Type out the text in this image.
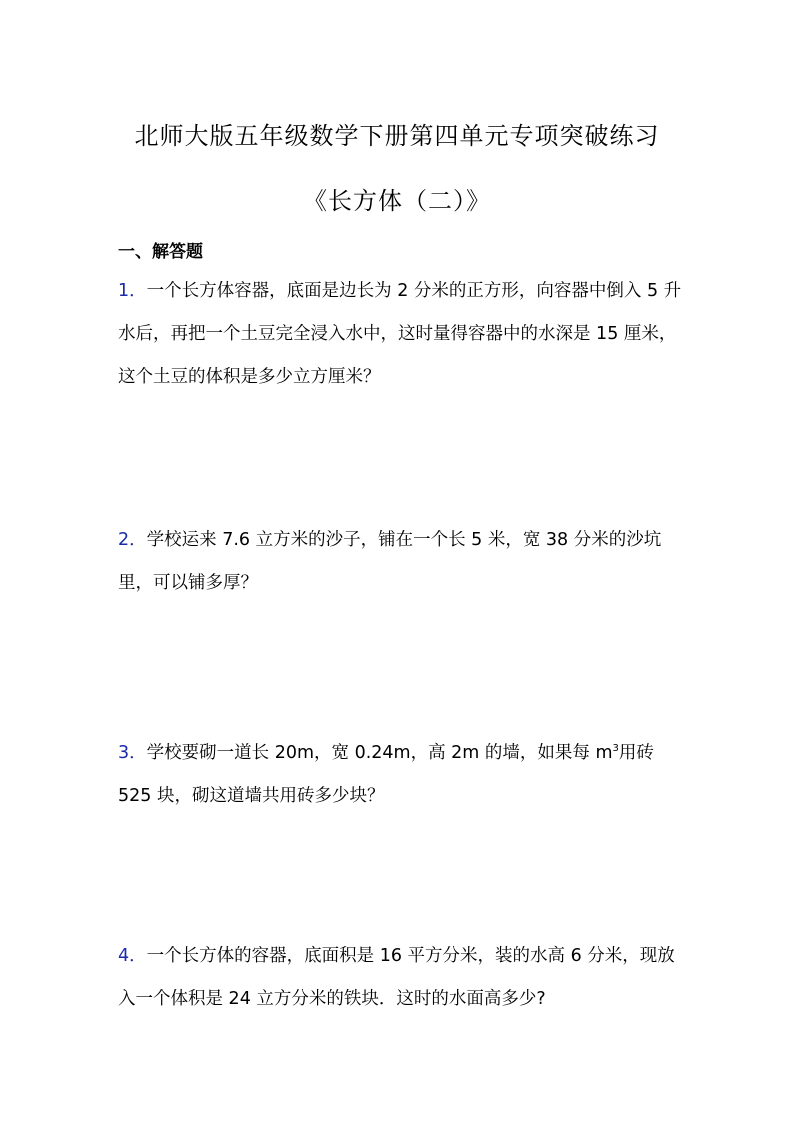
北师大版五年级数学下册第四单元专项突破练习
《长方体（二）》
一、解答题

1．一个长方体容器，底面是边长为 2 分米的正方形，向容器中倒入 5 升水后，再把一个土豆完全浸入水中，这时量得容器中的水深是 15 厘米，这个土豆的体积是多少立方厘米？

2．学校运来 7.6 立方米的沙子，铺在一个长 5 米，宽 38 分米的沙坑里，可以铺多厚？

3．学校要砌一道长 20m，宽 0.24m，高 2m 的墙，如果每 $m^3$用砖 525 块，砌这道墙共用砖多少块？

4．一个长方体的容器，底面积是 16 平方分米，装的水高 6 分米，现放入一个体积是 24 立方分米的铁块．这时的水面高多少?
